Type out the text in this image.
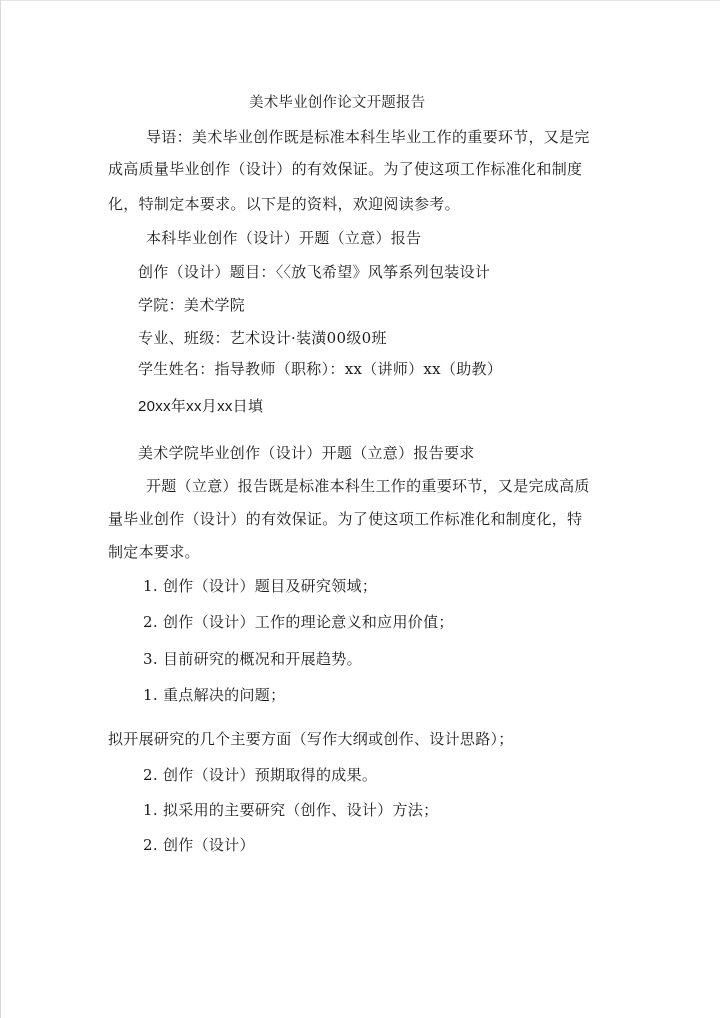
美术毕业创作论文开题报告
导语：美术毕业创作既是标准本科生毕业工作的重要环节，又是完
成高质量毕业创作（设计）的有效保证。为了使这项工作标准化和制度
化，特制定本要求。以下是的资料，欢迎阅读参考。
本科毕业创作（设计）开题（立意）报告
创作（设计）题目：〈〈放飞希望》风筝系列包装设计
学院：美术学院
专业、班级：艺术设计·装潢00级0班
学生姓名：指导教师（职称）：xx（讲师）xx（助教）
20xx年xx月xx日填
美术学院毕业创作（设计）开题（立意）报告要求
开题（立意）报告既是标准本科生工作的重要环节，又是完成高质
量毕业创作（设计）的有效保证。为了使这项工作标准化和制度化，特
制定本要求。
1. 创作（设计）题目及研究领域；
2. 创作（设计）工作的理论意义和应用价值；
3. 目前研究的概况和开展趋势。
1. 重点解决的问题；
拟开展研究的几个主要方面（写作大纲或创作、设计思路）；
2. 创作（设计）预期取得的成果。
1. 拟采用的主要研究（创作、设计）方法；
2. 创作（设计）
